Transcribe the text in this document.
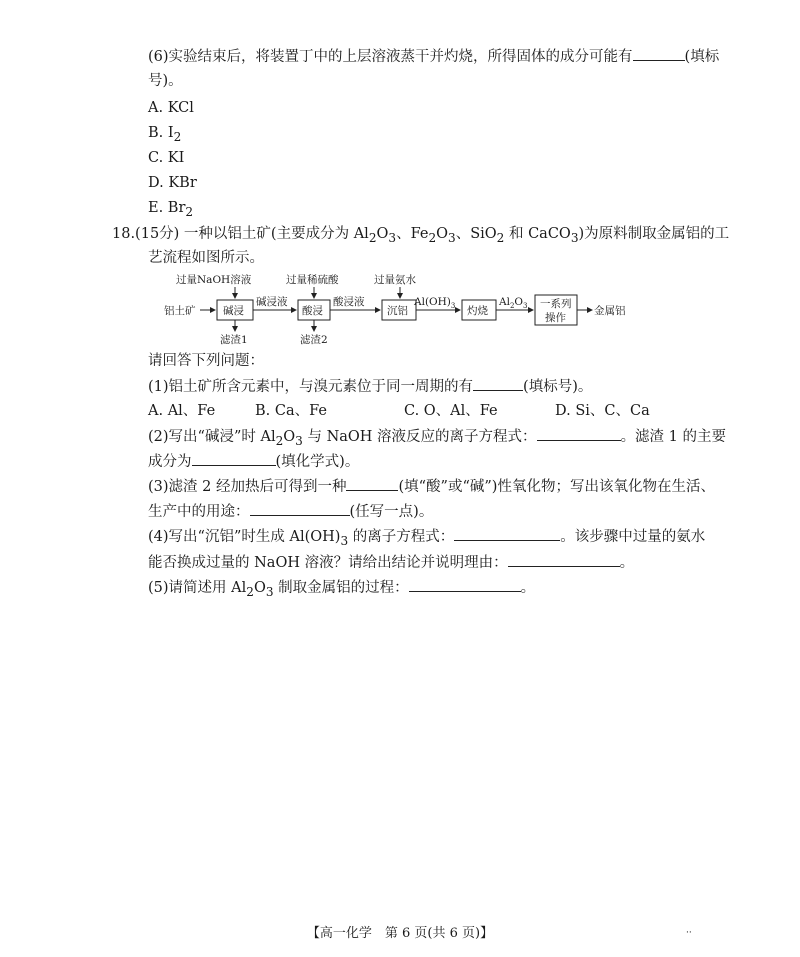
(6)实验结束后，将装置丁中的上层溶液蒸干并灼烧，所得固体的成分可能有	(填标
号)。
A. KCl
B. $I_2$
C. KI
D. KBr
E. $Br_2$
18.(15分) 一种以铝土矿(主要成分为 $Al_2O_3$、$Fe_2O_3$、SiO$_2$ 和 CaCO$_3$)为原料制取金属铝的工
艺流程如图所示。
过量NaOH溶液	过量稀硫酸	过量氨水
铝土矿	碱浸
碱浸液
滤渣1
酸浸
酸浸液
滤渣2
沉铝
$Al(OH)_3$ 灼烧
$Al_2O_3$ 一系列
操作
金属铝
请回答下列问题：
(1)铝土矿所含元素中，与溴元素位于同一周期的有	(填标号)。
A. Al、Fe	B. Ca、Fe	C. O、Al、Fe	D. Si、C、Ca
(2)写出“碱浸”时 $Al_2O_3$ 与 NaOH 溶液反应的离子方程式：	。滤渣 1 的主要
成分为	(填化学式)。
(3)滤渣 2 经加热后可得到一种	(填“酸”或“碱”)性氧化物；写出该氧化物在生活、
生产中的用途：	(任写一点)。
(4)写出“沉铝”时生成 $Al(OH)_3$ 的离子方程式：	。该步骤中过量的氨水
能否换成过量的 NaOH 溶液？请给出结论并说明理由：	。
(5)请简述用 $Al_2O_3$ 制取金属铝的过程：	。
【高一化学　第 6 页(共 6 页)】	··
